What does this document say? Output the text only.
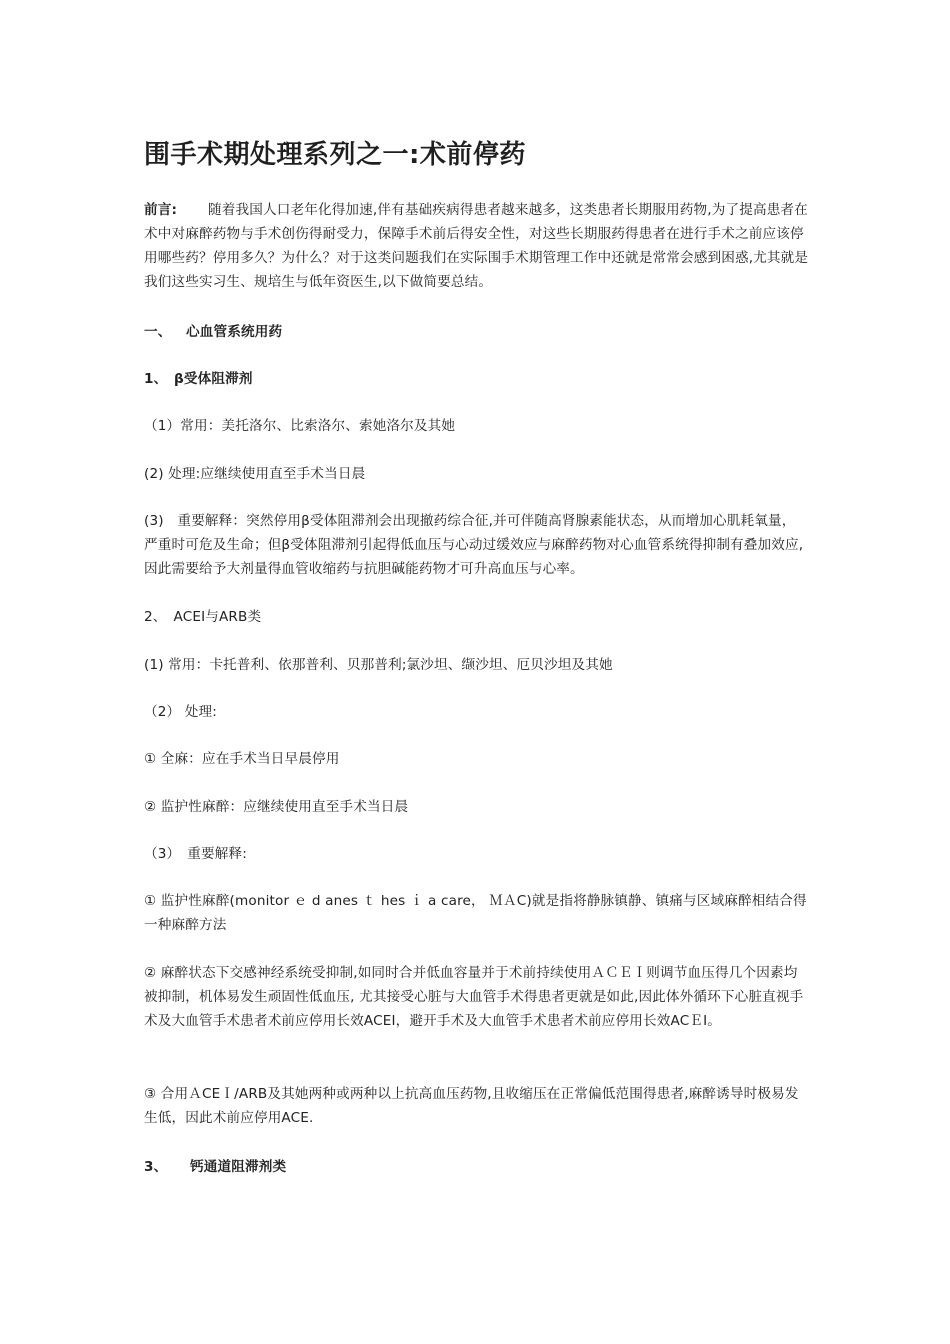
围手术期处理系列之一:术前停药

前言: 随着我国人口老年化得加速,伴有基础疾病得患者越来越多，这类患者长期服用药物,为了提高患者在术中对麻醉药物与手术创伤得耐受力，保障手术前后得安全性，对这些长期服药得患者在进行手术之前应该停用哪些药？停用多久？为什么？对于这类问题我们在实际围手术期管理工作中还就是常常会感到困惑,尤其就是我们这些实习生、规培生与低年资医生,以下做简要总结。

一、 心血管系统用药

1、 β受体阻滞剂

（1）常用：美托洛尔、比索洛尔、索她洛尔及其她

(2) 处理:应继续使用直至手术当日晨

(3)　重要解释：突然停用β受体阻滞剂会出现撤药综合征,并可伴随高肾腺素能状态，从而增加心肌耗氧量，严重时可危及生命；但β受体阻滞剂引起得低血压与心动过缓效应与麻醉药物对心血管系统得抑制有叠加效应,因此需要给予大剂量得血管收缩药与抗胆碱能药物才可升高血压与心率。

2、　ACEI与ARB类

(1) 常用：卡托普利、依那普利、贝那普利;氯沙坦、缬沙坦、厄贝沙坦及其她

（2） 处理:

① 全麻：应在手术当日早晨停用

② 监护性麻醉：应继续使用直至手术当日晨

（3）　重要解释:

① 监护性麻醉(monitor ｅ d anes ｔ hes ｉ a care， ＭＡC)就是指将静脉镇静、镇痛与区域麻醉相结合得一种麻醉方法

② 麻醉状态下交感神经系统受抑制,如同时合并低血容量并于术前持续使用ＡＣＥＩ则调节血压得几个因素均被抑制，机体易发生顽固性低血压, 尤其接受心脏与大血管手术得患者更就是如此,因此体外循环下心脏直视手术及大血管手术患者术前应停用长效ACEI，避开手术及大血管手术患者术前应停用长效ACＥI。

③ 合用ＡCEＩ/ARB及其她两种或两种以上抗高血压药物,且收缩压在正常偏低范围得患者,麻醉诱导时极易发生低，因此术前应停用ACE.

3、 钙通道阻滞剂类
